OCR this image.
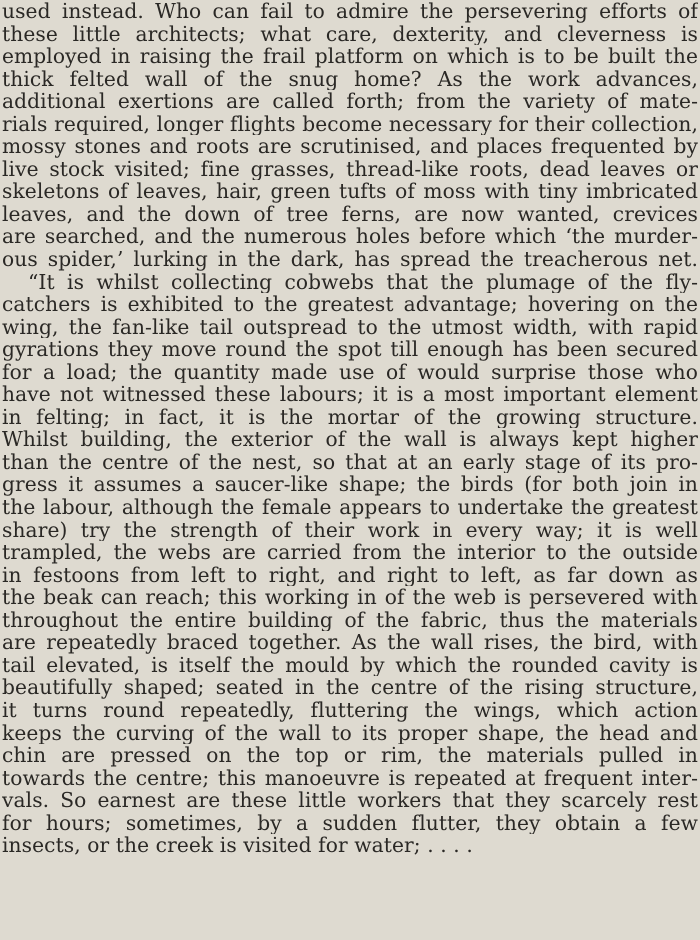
used instead. Who can fail to admire the persevering efforts of
these little architects; what care, dexterity, and cleverness is
employed in raising the frail platform on which is to be built the
thick felted wall of the snug home? As the work advances,
additional exertions are called forth; from the variety of mate-
rials required, longer flights become necessary for their collection,
mossy stones and roots are scrutinised, and places frequented by
live stock visited; fine grasses, thread-like roots, dead leaves or
skeletons of leaves, hair, green tufts of moss with tiny imbricated
leaves, and the down of tree ferns, are now wanted, crevices
are searched, and the numerous holes before which ‘the murder-
ous spider,’ lurking in the dark, has spread the treacherous net.
“It is whilst collecting cobwebs that the plumage of the fly-
catchers is exhibited to the greatest advantage; hovering on the
wing, the fan-like tail outspread to the utmost width, with rapid
gyrations they move round the spot till enough has been secured
for a load; the quantity made use of would surprise those who
have not witnessed these labours; it is a most important element
in felting; in fact, it is the mortar of the growing structure.
Whilst building, the exterior of the wall is always kept higher
than the centre of the nest, so that at an early stage of its pro-
gress it assumes a saucer-like shape; the birds (for both join in
the labour, although the female appears to undertake the greatest
share) try the strength of their work in every way; it is well
trampled, the webs are carried from the interior to the outside
in festoons from left to right, and right to left, as far down as
the beak can reach; this working in of the web is persevered with
throughout the entire building of the fabric, thus the materials
are repeatedly braced together. As the wall rises, the bird, with
tail elevated, is itself the mould by which the rounded cavity is
beautifully shaped; seated in the centre of the rising structure,
it turns round repeatedly, fluttering the wings, which action
keeps the curving of the wall to its proper shape, the head and
chin are pressed on the top or rim, the materials pulled in
towards the centre; this manoeuvre is repeated at frequent inter-
vals. So earnest are these little workers that they scarcely rest
for hours; sometimes, by a sudden flutter, they obtain a few
insects, or the creek is visited for water; . . . .
